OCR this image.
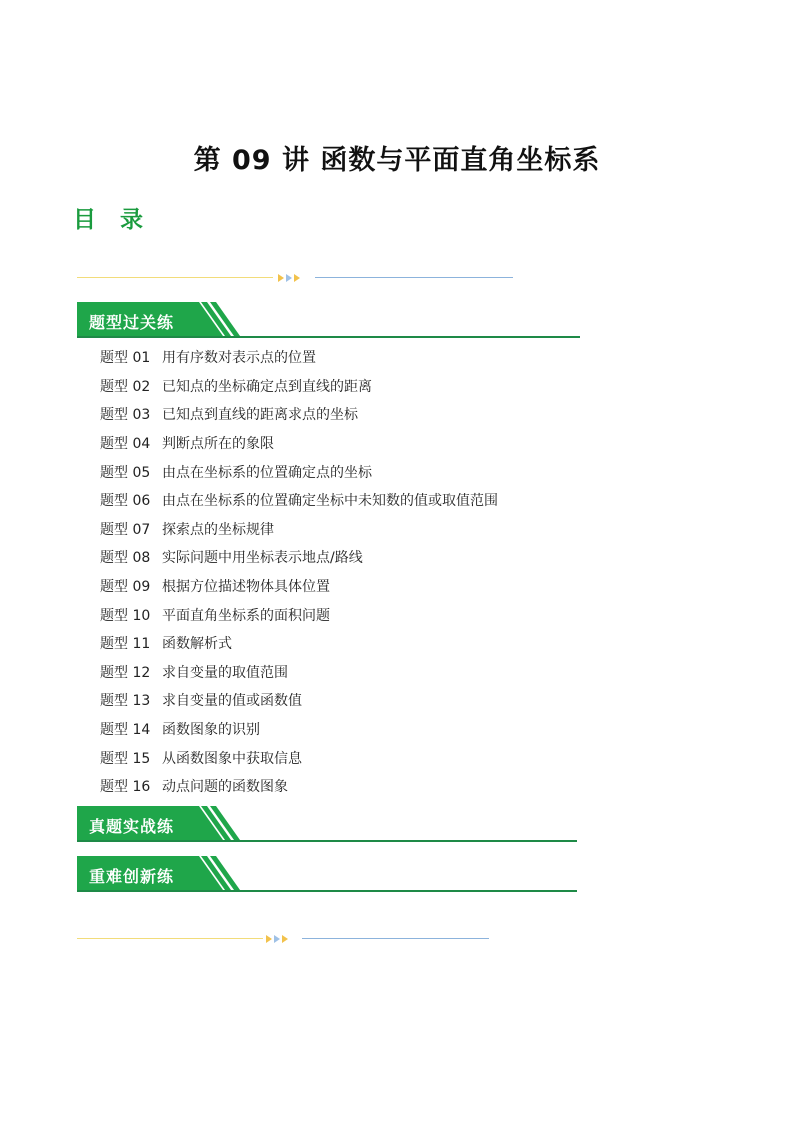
第 09 讲 函数与平面直角坐标系
目 录
题型过关练
题型 01 用有序数对表示点的位置
题型 02 已知点的坐标确定点到直线的距离
题型 03 已知点到直线的距离求点的坐标
题型 04 判断点所在的象限
题型 05 由点在坐标系的位置确定点的坐标
题型 06 由点在坐标系的位置确定坐标中未知数的值或取值范围
题型 07 探索点的坐标规律
题型 08 实际问题中用坐标表示地点/路线
题型 09 根据方位描述物体具体位置
题型 10 平面直角坐标系的面积问题
题型 11 函数解析式
题型 12 求自变量的取值范围
题型 13 求自变量的值或函数值
题型 14 函数图象的识别
题型 15 从函数图象中获取信息
题型 16 动点问题的函数图象
真题实战练
重难创新练
